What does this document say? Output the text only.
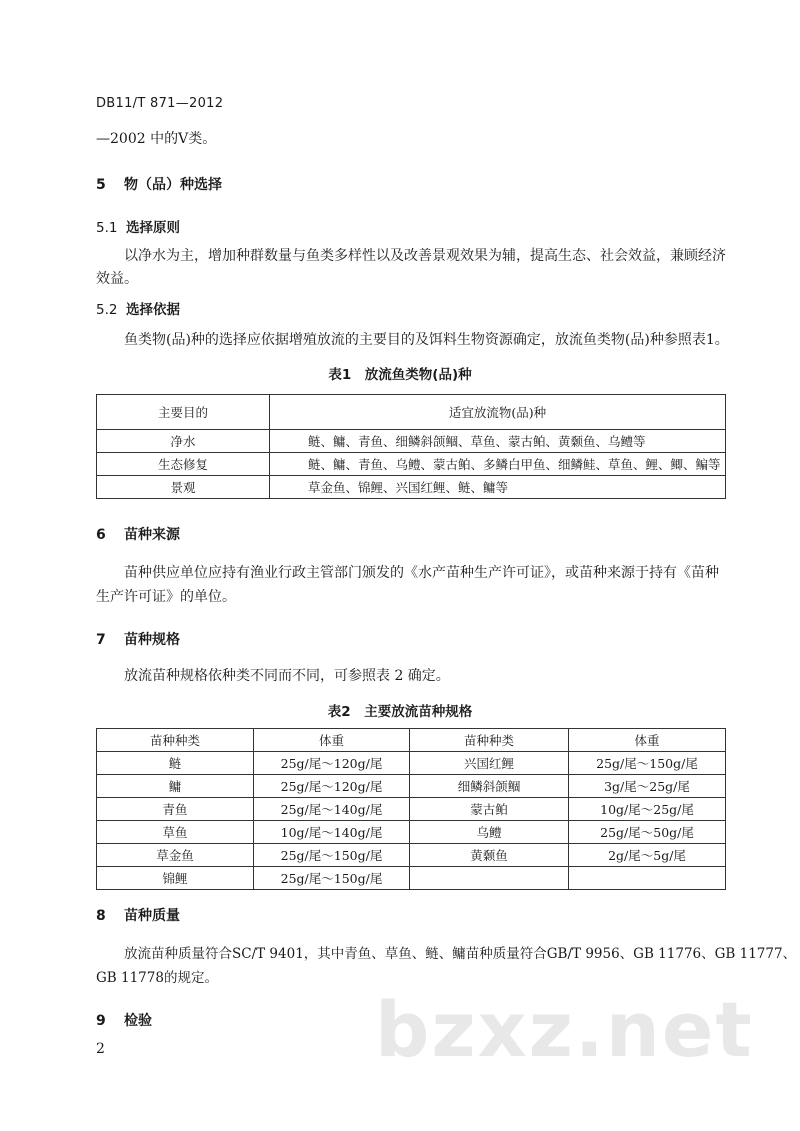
DB11/T 871—2012
—2002 中的Ⅴ类。
5 物（品）种选择
5.1 选择原则
以净水为主，增加种群数量与鱼类多样性以及改善景观效果为辅，提高生态、社会效益，兼顾经济
效益。
5.2 选择依据
鱼类物(品)种的选择应依据增殖放流的主要目的及饵料生物资源确定，放流鱼类物(品)种参照表1。
表1　放流鱼类物(品)种
主要目的	适宜放流物(品)种
净水	鲢、鳙、青鱼、细鳞斜颌鲴、草鱼、蒙古鲌、黄颡鱼、乌鳢等
生态修复	鲢、鳙、青鱼、乌鳢、蒙古鲌、多鳞白甲鱼、细鳞鲑、草鱼、鲤、鲫、鳊等
景观	草金鱼、锦鲤、兴国红鲤、鲢、鳙等
6 苗种来源
苗种供应单位应持有渔业行政主管部门颁发的《水产苗种生产许可证》，或苗种来源于持有《苗种
生产许可证》的单位。
7 苗种规格
放流苗种规格依种类不同而不同，可参照表 2 确定。
表2　主要放流苗种规格
苗种种类	体重	苗种种类	体重
鲢	25g/尾～120g/尾	兴国红鲤	25g/尾～150g/尾
鳙	25g/尾～120g/尾	细鳞斜颌鲴	3g/尾～25g/尾
青鱼	25g/尾～140g/尾	蒙古鲌	10g/尾～25g/尾
草鱼	10g/尾～140g/尾	乌鳢	25g/尾～50g/尾
草金鱼	25g/尾～150g/尾	黄颡鱼	2g/尾～5g/尾
锦鲤	25g/尾～150g/尾		
8 苗种质量
放流苗种质量符合SC/T 9401，其中青鱼、草鱼、鲢、鳙苗种质量符合GB/T 9956、GB 11776、GB 11777、
GB 11778的规定。
9 检验
2	bzxz.net
